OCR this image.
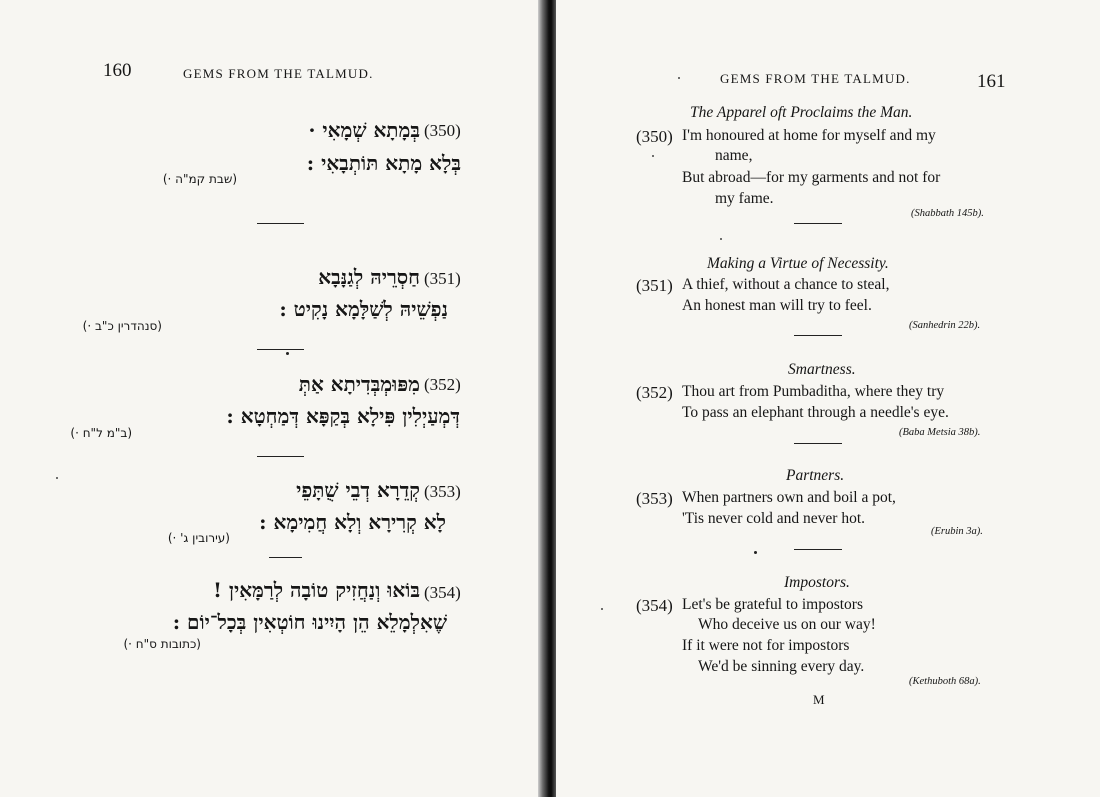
160	GEMS FROM THE TALMUD.
(350)
בְּמָתָא שְׁמָאִי ·
בְּלָא מָתָא תּוֹתְבָאִי :
(שבת קמ"ה ·)
(351)
חַסְרֵיהּ לְגַנָּבָא
נַפְשֵׁיהּ לְשַׁלָּמָא נָקִיט :
(סנהדרין כ"ב ·)
(352)
מִפּוּמְבְּדִיתָא אַתְּ
דְּמְעַיְלִין פִּילָא בְּקַפָּא דְּמַחְטָא :
(ב"מ ל"ח ·)
(353)
קְדֵרָא דְבֵי שֻׁתָּפֵי
לָא קְרִירָא וְלָא חֲמִימָא :
(עירובין ג' ·)
(354)
בּוֹאוּ וְנַחֲזִיק טוֹבָה לְרַמָּאִין !
שֶׁאִלְמָלֵא הֵן הָיִינוּ חוֹטְאִין בְּכָל־יוֹם :
(כתובות ס"ח ·)
GEMS FROM THE TALMUD.	161
The Apparel oft Proclaims the Man.
(350) I'm honoured at home for myself and my
name,
But abroad—for my garments and not for
my fame.
(Shabbath 145b).
Making a Virtue of Necessity.
(351) A thief, without a chance to steal,
An honest man will try to feel.
(Sanhedrin 22b).
Smartness.
(352) Thou art from Pumbaditha, where they try
To pass an elephant through a needle's eye.
(Baba Metsia 38b).
Partners.
(353) When partners own and boil a pot,
'Tis never cold and never hot.
(Erubin 3a).
Impostors.
(354) Let's be grateful to impostors
Who deceive us on our way!
If it were not for impostors
We'd be sinning every day.
(Kethuboth 68a).
M
